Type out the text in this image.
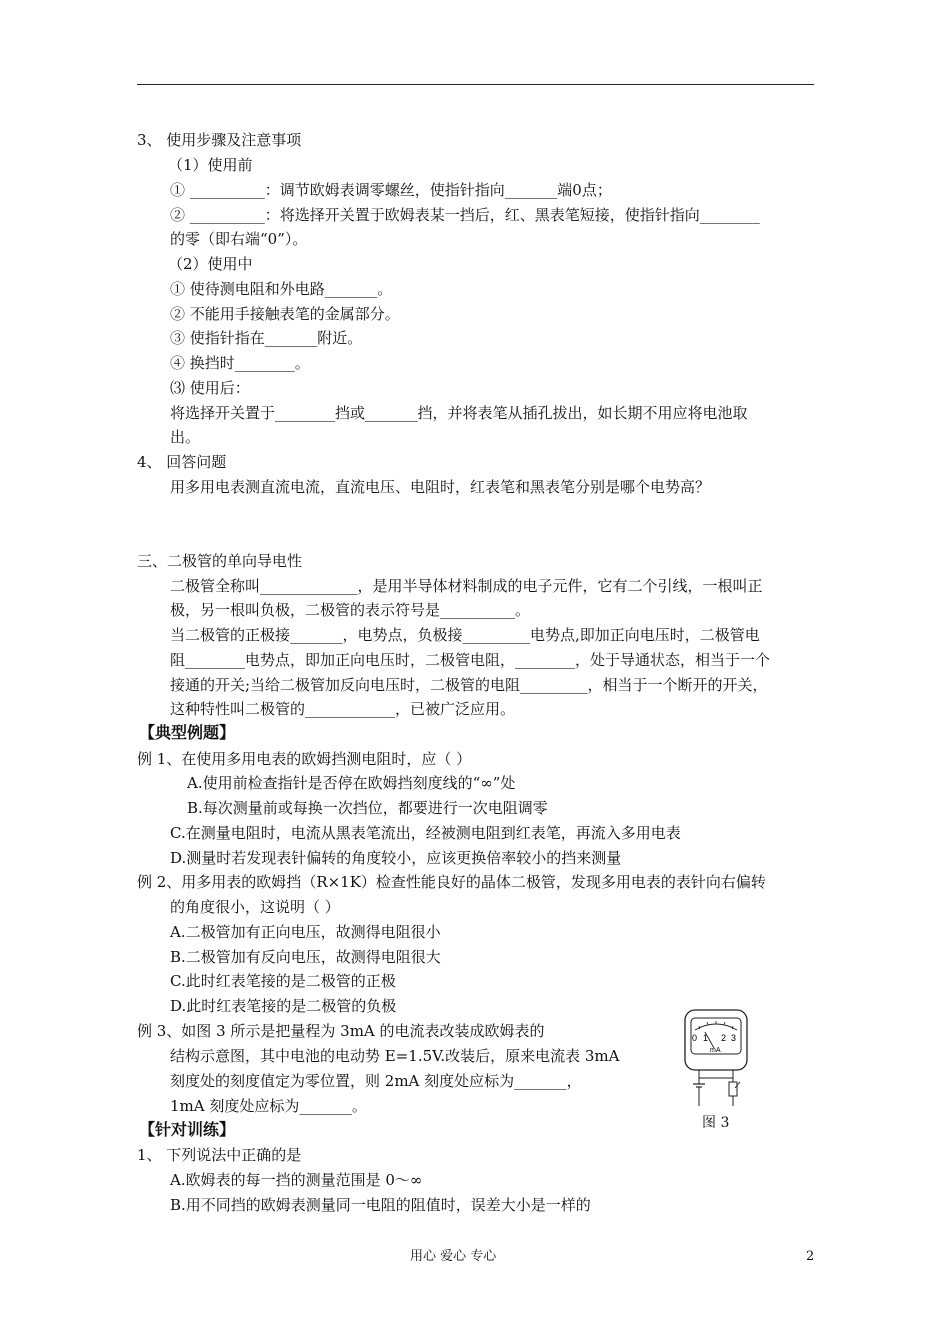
3、 使用步骤及注意事项
（1）使用前
① __________：调节欧姆表调零螺丝，使指针指向_______端0点；
② __________：将选择开关置于欧姆表某一挡后，红、黑表笔短接，使指针指向________
的零（即右端“0”）。
（2）使用中
① 使待测电阻和外电路_______。
② 不能用手接触表笔的金属部分。
③ 使指针指在_______附近。
④ 换挡时________。
⑶ 使用后：
将选择开关置于________挡或_______挡，并将表笔从插孔拔出，如长期不用应将电池取
出。
4、 回答问题
用多用电表测直流电流，直流电压、电阻时，红表笔和黑表笔分别是哪个电势高？
三、二极管的单向导电性
二极管全称叫_____________，是用半导体材料制成的电子元件，它有二个引线，一根叫正
极，另一根叫负极，二极管的表示符号是__________。
当二极管的正极接_______，电势点，负极接_________电势点,即加正向电压时，二极管电
阻________电势点，即加正向电压时，二极管电阻，________，处于导通状态，相当于一个
接通的开关;当给二极管加反向电压时，二极管的电阻_________，相当于一个断开的开关，
这种特性叫二极管的____________，已被广泛应用。
【典型例题】
例 1、在使用多用电表的欧姆挡测电阻时，应（ ）
A.使用前检查指针是否停在欧姆挡刻度线的“∞”处
B.每次测量前或每换一次挡位，都要进行一次电阻调零
C.在测量电阻时，电流从黑表笔流出，经被测电阻到红表笔，再流入多用电表
D.测量时若发现表针偏转的角度较小，应该更换倍率较小的挡来测量
例 2、用多用表的欧姆挡（R×1K）检查性能良好的晶体二极管，发现多用电表的表针向右偏转
的角度很小，这说明（ ）
A.二极管加有正向电压，故测得电阻很小
B.二极管加有反向电压，故测得电阻很大
C.此时红表笔接的是二极管的正极
D.此时红表笔接的是二极管的负极
例 3、如图 3 所示是把量程为 3mA 的电流表改装成欧姆表的
结构示意图，其中电池的电动势 E=1.5V.改装后，原来电流表 3mA
刻度处的刻度值定为零位置，则 2mA 刻度处应标为_______，
1mA 刻度处应标为_______。
【针对训练】
1、 下列说法中正确的是
A.欧姆表的每一挡的测量范围是 0～∞
B.用不同挡的欧姆表测量同一电阻的阻值时，误差大小是一样的
0 1 2 3
mA
图 3
用心 爱心 专心	2
